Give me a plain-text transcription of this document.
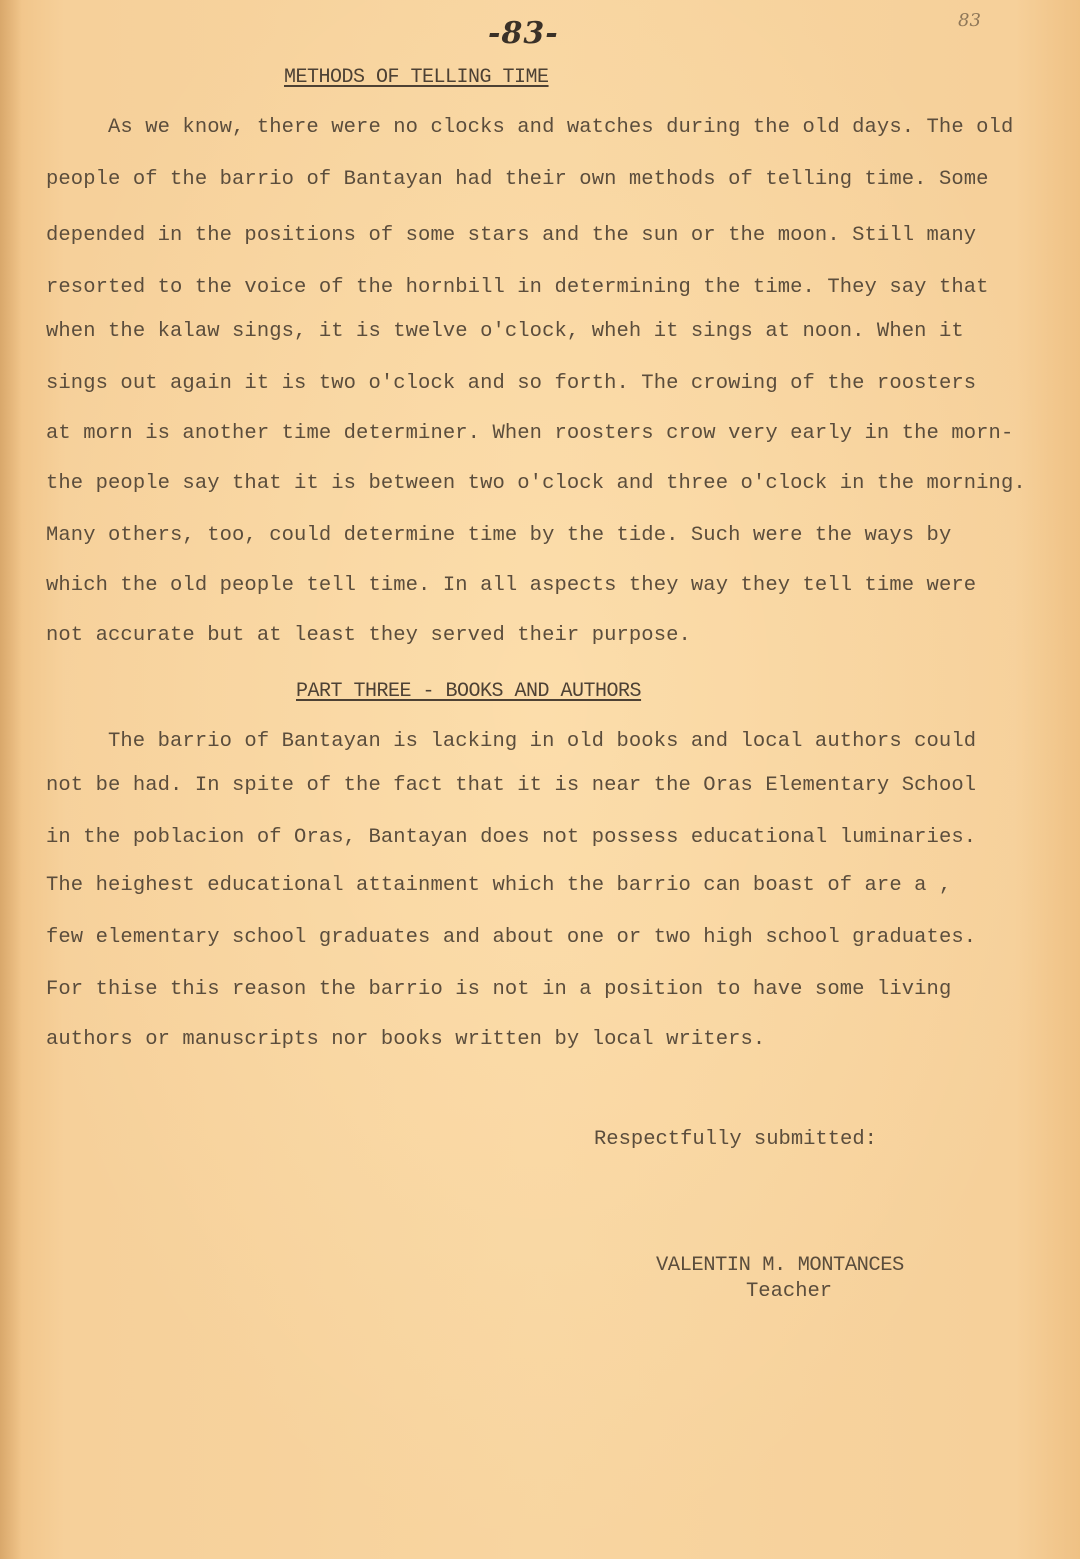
-83-	83
METHODS OF TELLING TIME
As we know, there were no clocks and watches during the old days. The old
people of the barrio of Bantayan had their own methods of telling time. Some
depended in the positions of some stars and the sun or the moon. Still many
resorted to the voice of the hornbill in determining the time. They say that
when the kalaw sings, it is twelve o'clock, wheh it sings at noon. When it
sings out again it is two o'clock and so forth. The crowing of the roosters
at morn is another time determiner. When roosters crow very early in the morn-
the people say that it is between two o'clock and three o'clock in the morning.
Many others, too, could determine time by the tide. Such were the ways by
which the old people tell time. In all aspects they way they tell time were
not accurate but at least they served their purpose.
PART THREE - BOOKS AND AUTHORS
The barrio of Bantayan is lacking in old books and local authors could
not be had. In spite of the fact that it is near the Oras Elementary School
in the poblacion of Oras, Bantayan does not possess educational luminaries.
The heighest educational attainment which the barrio can boast of are a ,
few elementary school graduates and about one or two high school graduates.
For thise this reason the barrio is not in a position to have some living
authors or manuscripts nor books written by local writers.
Respectfully submitted:
VALENTIN M. MONTANCES
Teacher
